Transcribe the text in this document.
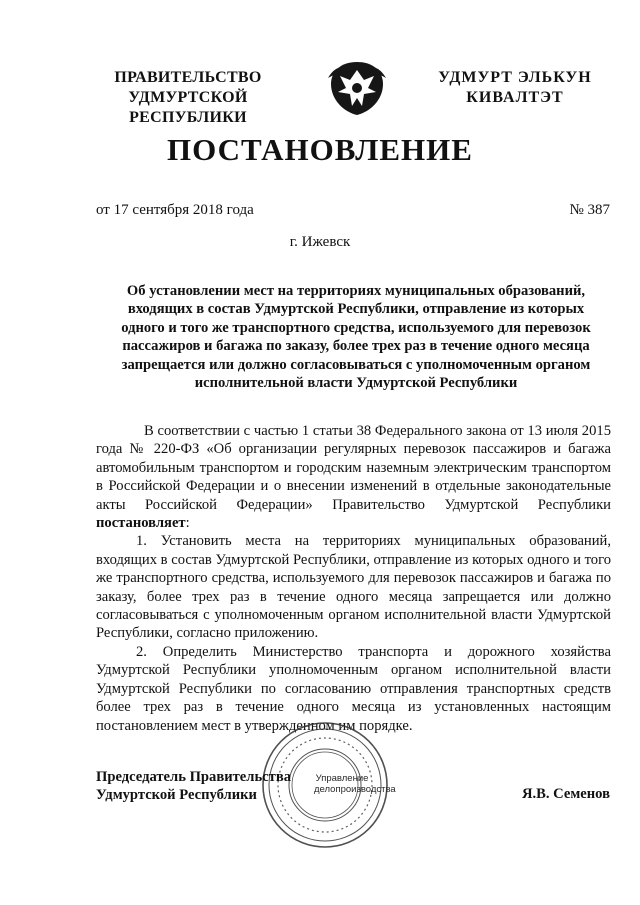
ПРАВИТЕЛЬСТВО
УДМУРТСКОЙ РЕСПУБЛИКИ
УДМУРТ ЭЛЬКУН
КИВАЛТЭТ
ПОСТАНОВЛЕНИЕ
от 17 сентября 2018 года	№ 387
г. Ижевск
Об установлении мест на территориях муниципальных образований, входящих в состав Удмуртской Республики, отправление из которых одного и того же транспортного средства, используемого для перевозок пассажиров и багажа по заказу, более трех раз в течение одного месяца запрещается или должно согласовываться с уполномоченным органом исполнительной власти Удмуртской Республики

В соответствии с частью 1 статьи 38 Федерального закона от 13 июля 2015 года № 220-ФЗ «Об организации регулярных перевозок пассажиров и багажа автомобильным транспортом и городским наземным электрическим транспортом в Российской Федерации и о внесении изменений в отдельные законодательные акты Российской Федерации» Правительство Удмуртской Республики постановляет:

1. Установить места на территориях муниципальных образований, входящих в состав Удмуртской Республики, отправление из которых одного и того же транспортного средства, используемого для перевозок пассажиров и багажа по заказу, более трех раз в течение одного месяца запрещается или должно согласовываться с уполномоченным органом исполнительной власти Удмуртской Республики, согласно приложению.

2. Определить Министерство транспорта и дорожного хозяйства Удмуртской Республики уполномоченным органом исполнительной власти Удмуртской Республики по согласованию отправления транспортных средств более трех раз в течение одного месяца из установленных настоящим постановлением мест в утвержденном им порядке.

Управление
делопроизводства
Председатель Правительства
Удмуртской Республики	Я.В. Семенов
